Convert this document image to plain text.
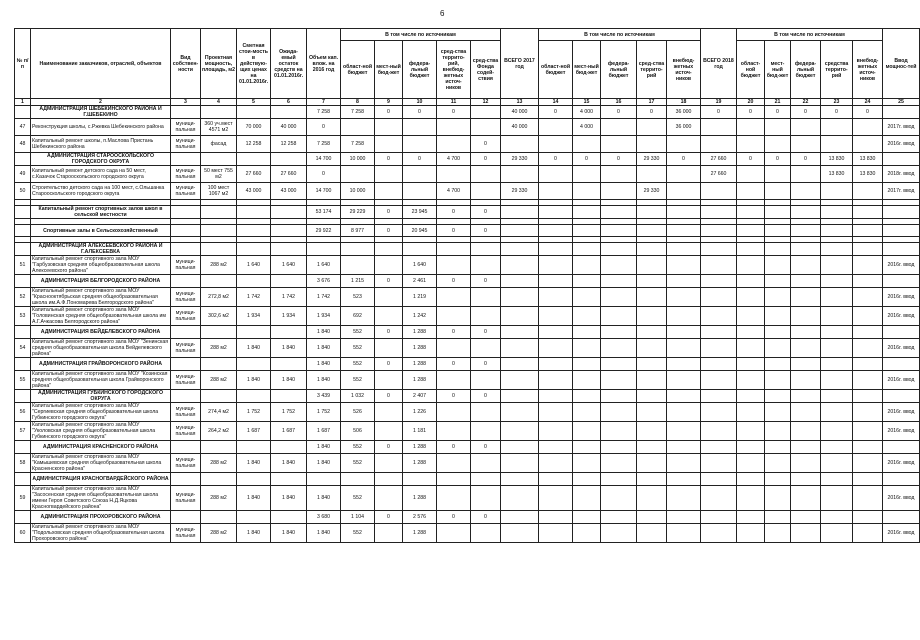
6
№ п/п	Наименование заказчиков, отраслей, объектов	Вид собствен-ности	Проектная мощность, площадь, м2	Сметная стои-мость в действую-щих ценах на 01.01.2016г.	Ожида-емый остаток средств на 01.01.2016г.	Объем кап. влож. на 2016 год	В том числе по источникам					ВСЕГО 2017 год	В том числе по источникам					ВСЕГО 2018 год	В том числе по источникам					Ввод мощнос-тей
							област-ной бюджет	мест-ный бюд-жет	федера-льный бюджет	сред-ства террито-рий, внебюд-жетных источ-ников	сред-ства Фонда содей-ствия		област-ной бюджет	мест-ный бюд-жет	федера-льный бюджет	сред-ства террито-рий	внебюд-жетных источ-ников		област-ной бюджет	мест-ный бюд-жет	федера-льный бюджет	средства террито-рий	внебюд-жетных источ-ников	
1	2	3	4	5	6	7	8	9	10	11	12	13	14	15	16	17	18	19	20	21	22	23	24	25
	АДМИНИСТРАЦИЯ ШЕБЕКИНСКОГО РАЙОНА И Г.ШЕБЕКИНО					7 258	7 258	0	0	0		40 000	0	4 000	0	0	36 000	0	0	0	0	0	0	
47	Реконструкция школы, с.Ржевка Шебекинского района	муници-пальная	360 уч.мест 4571 м2	70 000	40 000	0						40 000		4 000			36 000							2017г. ввод
48	Капитальный ремонт школы, п.Маслова Пристань Шебекинского района	муници-пальная	фасад	12 258	12 258	7 258	7 258				0													2016г. ввод
	АДМИНИСТРАЦИЯ СТАРООСКОЛЬСКОГО ГОРОДСКОГО ОКРУГА					14 700	10 000	0	0	4 700	0	29 330	0	0	0	29 330	0	27 660	0	0	0	13 830	13 830	
49	Капитальный ремонт детского сада на 50 мест, с.Казачок Старооскольского городского округа	муници-пальная	50 мест 755 м2	27 660	27 660	0												27 660				13 830	13 830	2018г. ввод
50	Строительство детского сада на 100 мест, с.Ольшанка Старооскольского городского округа	муници-пальная	100 мест 1067 м2	43 000	43 000	14 700	10 000			4 700		29 330				29 330								2017г. ввод

	Капитальный ремонт спортивных залов школ в сельской местности					53 174	29 229	0	23 945	0	0													

	Спортивные залы в Сельскохозяйственный					29 922	8 977	0	20 945	0	0													

	АДМИНИСТРАЦИЯ АЛЕКСЕЕВСКОГО РАЙОНА И Г.АЛЕКСЕЕВКА																							
51	Капитальный ремонт спортивного зала МОУ "Гарбузовская средняя общеобразовательная школа Алексеевского района"	муници-пальная	288 м2	1 640	1 640	1 640			1 640															2016г. ввод
	АДМИНИСТРАЦИЯ БЕЛГОРОДСКОГО РАЙОНА					3 676	1 215	0	2 461	0	0													
52	Капитальный ремонт спортивного зала МОУ "Краснооктябрьская средняя общеобразовательная школа им.А.Ф.Пономарева Белгородского района"	муници-пальная	272,8 м2	1 742	1 742	1 742	523		1 219															2016г. ввод
53	Капитальный ремонт спортивного зала МОУ "Головинская средняя общеобразовательная школа им А.Г.Ачкасова Белгородского района"	муници-пальная	302,6 м2	1 934	1 934	1 934	692		1 242															2016г. ввод
	АДМИНИСТРАЦИЯ ВЕЙДЕЛЕВСКОГО РАЙОНА					1 840	552	0	1 288	0	0													
54	Капитальный ремонт спортивного зала МОУ "Зенинская средняя общеобразовательная школа Вейделевского района"	муници-пальная	288 м2	1 840	1 840	1 840	552		1 288															2016г. ввод
	АДМИНИСТРАЦИЯ ГРАЙВОРОНСКОГО РАЙОНА					1 840	552	0	1 288	0	0													
55	Капитальный ремонт спортивного зала МОУ "Козинская средняя общеобразовательная школа Грайворонского района"	муници-пальная	288 м2	1 840	1 840	1 840	552		1 288															2016г. ввод
	АДМИНИСТРАЦИЯ ГУБКИНСКОГО ГОРОДСКОГО ОКРУГА					3 439	1 032	0	2 407	0	0													
56	Капитальный ремонт спортивного зала МОУ "Сергиевская средняя общеобразовательная школа Губкинского городского округа"	муници-пальная	274,4 м2	1 752	1 752	1 752	526		1 226															2016г. ввод
57	Капитальный ремонт спортивного зала МОУ "Уколовская средняя общеобразовательная школа Губкинского городского округа"	муници-пальная	264,2 м2	1 687	1 687	1 687	506		1 181															2016г. ввод
	АДМИНИСТРАЦИЯ КРАСНЕНСКОГО РАЙОНА					1 840	552	0	1 288	0	0													
58	Капитальный ремонт спортивного зала МОУ "Камышевская средняя общеобразовательная школа Красненского района"	муници-пальная	288 м2	1 840	1 840	1 840	552		1 288															2016г. ввод
	АДМИНИСТРАЦИЯ КРАСНОГВАРДЕЙСКОГО РАЙОНА																							
59	Капитальный ремонт спортивного зала МОУ "Засосенская средняя общеобразовательная школа имени Героя Советского Союза Н.Д.Яцкова Красногвардейского района"	муници-пальная	288 м2	1 840	1 840	1 840	552		1 288															2016г. ввод
	АДМИНИСТРАЦИЯ ПРОХОРОВСКОГО РАЙОНА					3 680	1 104	0	2 576	0	0													
60	Капитальный ремонт спортивного зала МОУ "Подольховская средняя общеобразовательная школа Прохоровского района"	муници-пальная	288 м2	1 840	1 840	1 840	552		1 288															2016г. ввод
